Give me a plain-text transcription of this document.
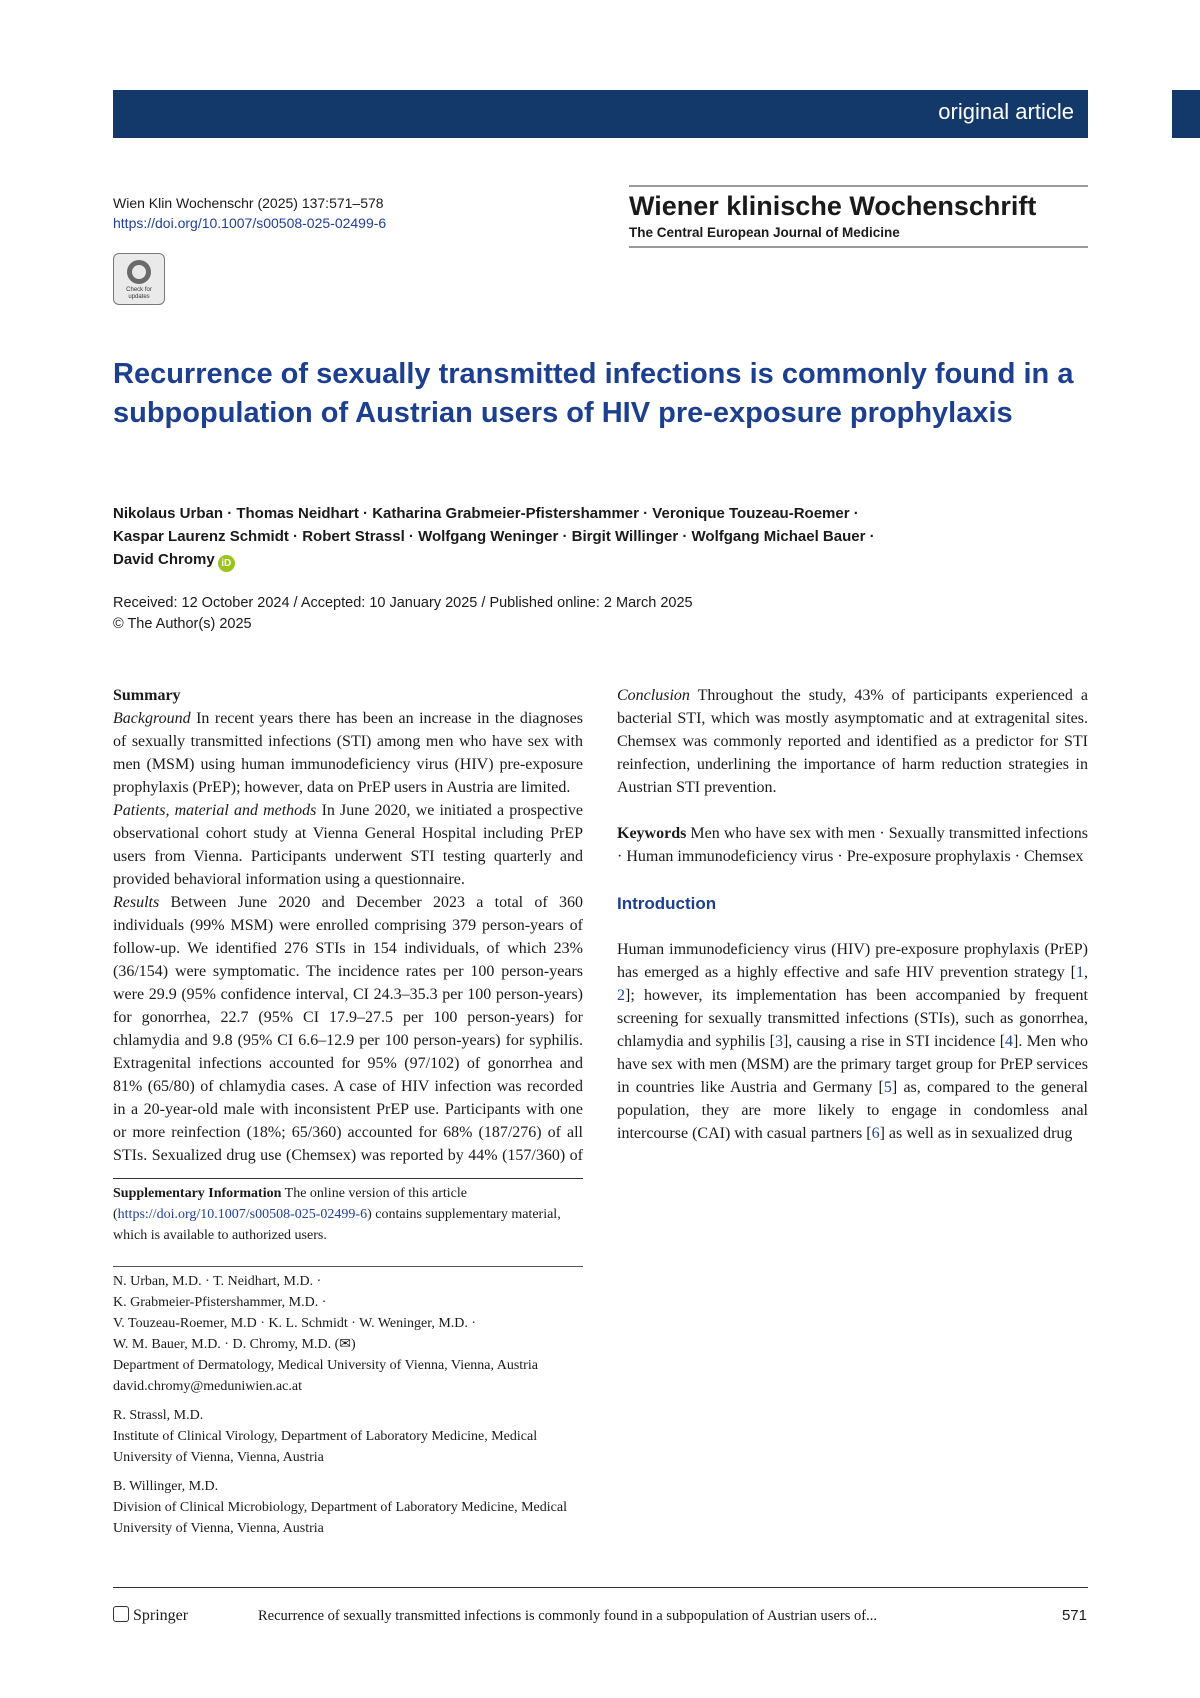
original article
Wien Klin Wochenschr (2025) 137:571–578
https://doi.org/10.1007/s00508-025-02499-6
Check for updates
Wiener klinische Wochenschrift
The Central European Journal of Medicine
Recurrence of sexually transmitted infections is commonly found in a subpopulation of Austrian users of HIV pre-exposure prophylaxis
Nikolaus Urban · Thomas Neidhart · Katharina Grabmeier-Pfistershammer · Veronique Touzeau-Roemer ·
Kaspar Laurenz Schmidt · Robert Strassl · Wolfgang Weninger · Birgit Willinger · Wolfgang Michael Bauer ·
David Chromy iD
Received: 12 October 2024 / Accepted: 10 January 2025 / Published online: 2 March 2025
© The Author(s) 2025
Summary

Background In recent years there has been an increase in the diagnoses of sexually transmitted infections (STI) among men who have sex with men (MSM) using human immunodeficiency virus (HIV) pre-exposure prophylaxis (PrEP); however, data on PrEP users in Austria are limited.

Patients, material and methods In June 2020, we initiated a prospective observational cohort study at Vienna General Hospital including PrEP users from Vienna. Participants underwent STI testing quarterly and provided behavioral information using a questionnaire.

Results Between June 2020 and December 2023 a total of 360 individuals (99% MSM) were enrolled comprising 379 person-years of follow-up. We identified 276 STIs in 154 individuals, of which 23% (36/154) were symptomatic. The incidence rates per 100 person-years were 29.9 (95% confidence interval, CI 24.3–35.3 per 100 person-years) for gonorrhea, 22.7 (95% CI 17.9–27.5 per 100 person-years) for chlamydia and 9.8 (95% CI 6.6–12.9 per 100 person-years) for syphilis. Extragenital infections accounted for 95% (97/102) of gonorrhea and 81% (65/80) of chlamydia cases. A case of HIV infection was recorded in a 20-year-old male with inconsistent PrEP use. Participants with one or more reinfection (18%; 65/360) accounted for 68% (187/276) of all STIs. Sexualized drug use (Chemsex) was reported by 44% (157/360) of

Supplementary Information The online version of this article (https://doi.org/10.1007/s00508-025-02499-6) contains supplementary material, which is available to authorized users.
N. Urban, M.D. · T. Neidhart, M.D. ·
K. Grabmeier-Pfistershammer, M.D. ·
V. Touzeau-Roemer, M.D · K. L. Schmidt · W. Weninger, M.D. ·
W. M. Bauer, M.D. · D. Chromy, M.D. (✉)
Department of Dermatology, Medical University of Vienna, Vienna, Austria
david.chromy@meduniwien.ac.at
R. Strassl, M.D.
Institute of Clinical Virology, Department of Laboratory Medicine, Medical University of Vienna, Vienna, Austria
B. Willinger, M.D.
Division of Clinical Microbiology, Department of Laboratory Medicine, Medical University of Vienna, Vienna, Austria

Conclusion Throughout the study, 43% of participants experienced a bacterial STI, which was mostly asymptomatic and at extragenital sites. Chemsex was commonly reported and identified as a predictor for STI reinfection, underlining the importance of harm reduction strategies in Austrian STI prevention.

Keywords Men who have sex with men · Sexually transmitted infections · Human immunodeficiency virus · Pre-exposure prophylaxis · Chemsex

Introduction

Human immunodeficiency virus (HIV) pre-exposure prophylaxis (PrEP) has emerged as a highly effective and safe HIV prevention strategy [1, 2]; however, its implementation has been accompanied by frequent screening for sexually transmitted infections (STIs), such as gonorrhea, chlamydia and syphilis [3], causing a rise in STI incidence [4]. Men who have sex with men (MSM) are the primary target group for PrEP services in countries like Austria and Germany [5] as, compared to the general population, they are more likely to engage in condomless anal intercourse (CAI) with casual partners [6] as well as in sexualized drug

Springer	Recurrence of sexually transmitted infections is commonly found in a subpopulation of Austrian users of...	571
